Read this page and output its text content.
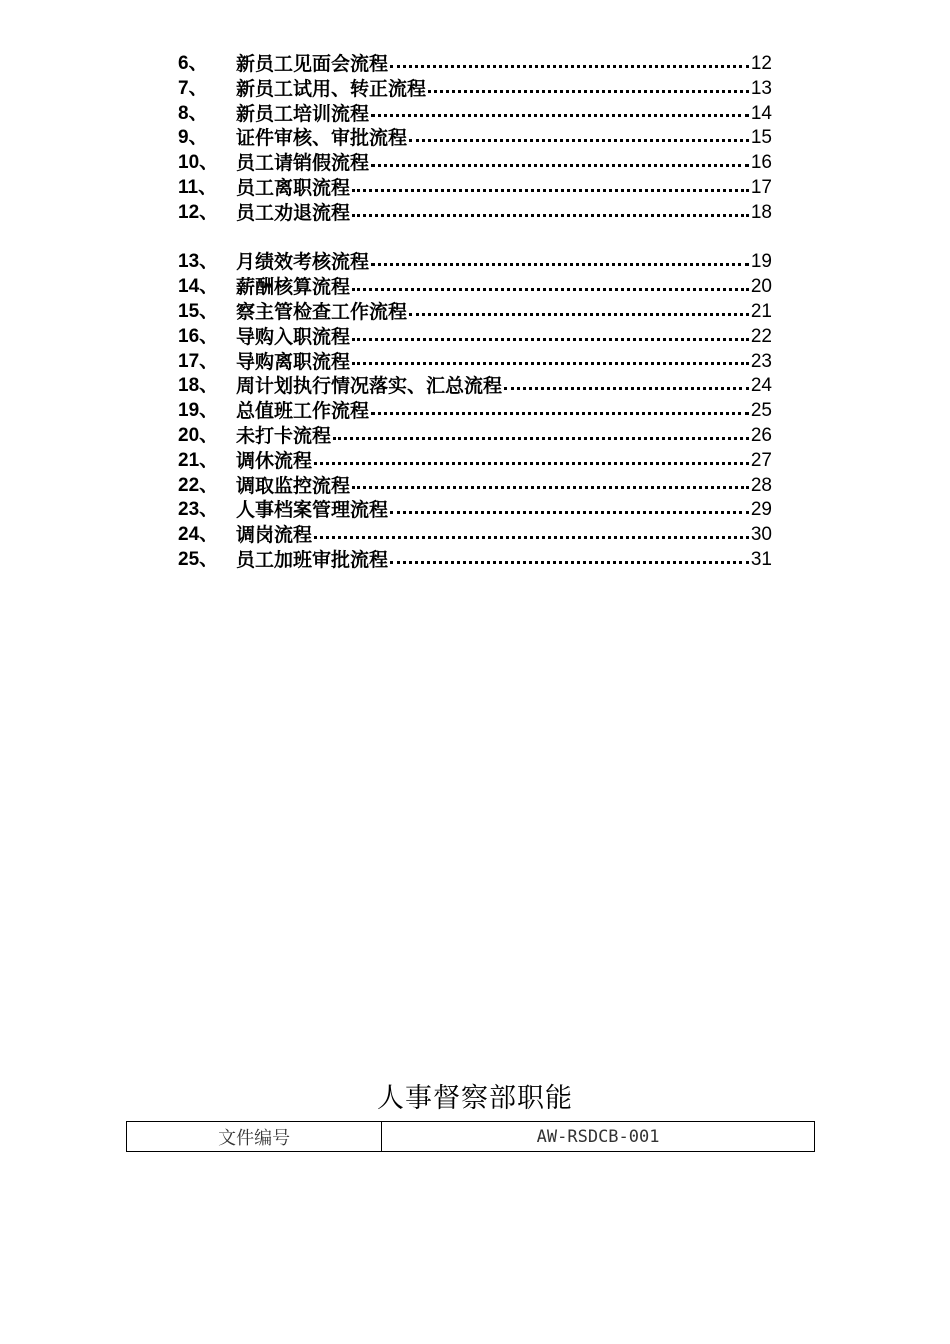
6、	新员工见面会流程	12
7、	新员工试用、转正流程	13
8、	新员工培训流程	14
9、	证件审核、审批流程	15
10、 员工请销假流程	16
11、 员工离职流程	17
12、 员工劝退流程	18
13、 月绩效考核流程	19
14、 薪酬核算流程	20
15、 察主管检查工作流程	21
16、 导购入职流程	22
17、 导购离职流程	23
18、 周计划执行情况落实、汇总流程	24
19、 总值班工作流程	25
20、 未打卡流程	26
21、 调休流程	27
22、 调取监控流程	28
23、 人事档案管理流程	29
24、 调岗流程	30
25、 员工加班审批流程	31
人事督察部职能
文件编号	AW-RSDCB-001
